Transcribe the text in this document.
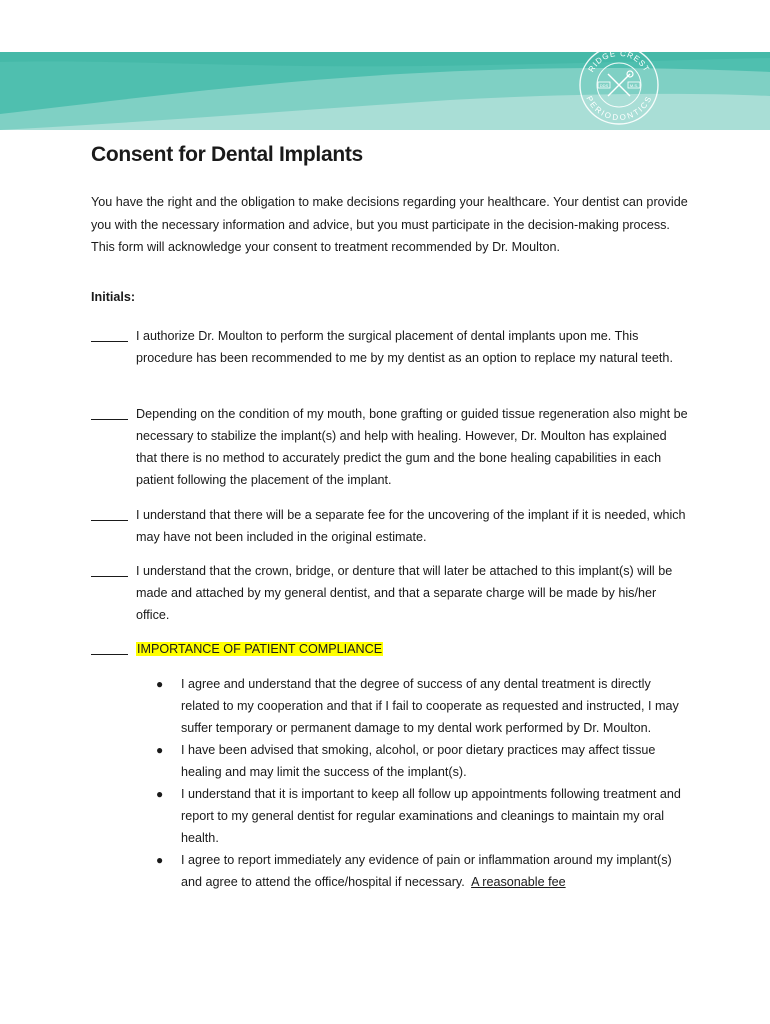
DDS	M.S.
RIDGE CREST
PERIODONTICS
Consent for Dental Implants

You have the right and the obligation to make decisions regarding your healthcare. Your dentist can provide you with the necessary information and advice, but you must participate in the decision-making process. This form will acknowledge your consent to treatment recommended by Dr. Moulton.

Initials:

I authorize Dr. Moulton to perform the surgical placement of dental implants upon me. This procedure has been recommended to me by my dentist as an option to replace my natural teeth.

Depending on the condition of my mouth, bone grafting or guided tissue regeneration also might be necessary to stabilize the implant(s) and help with healing. However, Dr. Moulton has explained that there is no method to accurately predict the gum and the bone healing capabilities in each patient following the placement of the implant.

I understand that there will be a separate fee for the uncovering of the implant if it is needed, which may have not been included in the original estimate.

I understand that the crown, bridge, or denture that will later be attached to this implant(s) will be made and attached by my general dentist, and that a separate charge will be made by his/her office.

IMPORTANCE OF PATIENT COMPLIANCE

● I agree and understand that the degree of success of any dental treatment is directly related to my cooperation and that if I fail to cooperate as requested and instructed, I may suffer temporary or permanent damage to my dental work performed by Dr. Moulton.
● I have been advised that smoking, alcohol, or poor dietary practices may affect tissue healing and may limit the success of the implant(s).
● I understand that it is important to keep all follow up appointments following treatment and report to my general dentist for regular examinations and cleanings to maintain my oral health.
● I agree to report immediately any evidence of pain or inflammation around my implant(s) and agree to attend the office/hospital if necessary. A reasonable fee
